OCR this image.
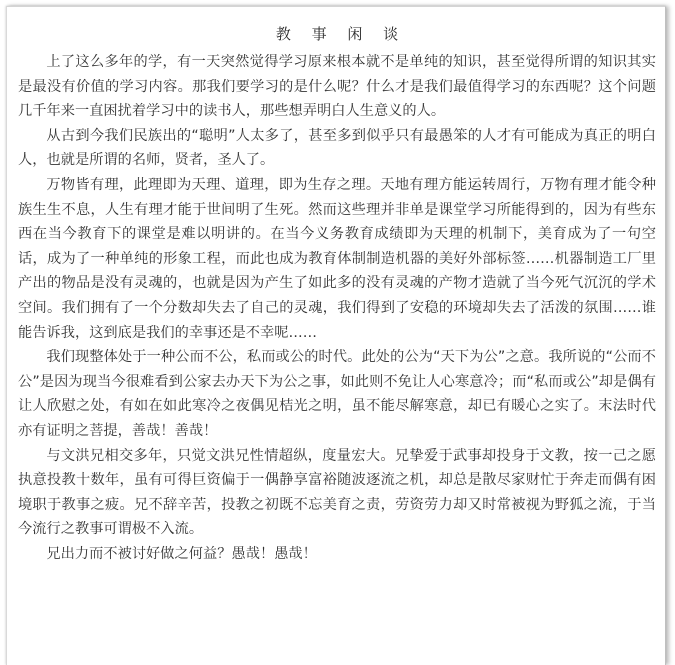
教 事 闲 谈

上了这么多年的学，有一天突然觉得学习原来根本就不是单纯的知识，甚至觉得所谓的知识其实是最没有价值的学习内容。那我们要学习的是什么呢？什么才是我们最值得学习的东西呢？这个问题几千年来一直困扰着学习中的读书人，那些想弄明白人生意义的人。

从古到今我们民族出的“聪明”人太多了，甚至多到似乎只有最愚笨的人才有可能成为真正的明白人，也就是所谓的名师，贤者，圣人了。

万物皆有理，此理即为天理、道理，即为生存之理。天地有理方能运转周行，万物有理才能令种族生生不息，人生有理才能于世间明了生死。然而这些理并非单是课堂学习所能得到的，因为有些东西在当今教育下的课堂是难以明讲的。在当今义务教育成绩即为天理的机制下，美育成为了一句空话，成为了一种单纯的形象工程，而此也成为教育体制制造机器的美好外部标签……机器制造工厂里产出的物品是没有灵魂的，也就是因为产生了如此多的没有灵魂的产物才造就了当今死气沉沉的学术空间。我们拥有了一个分数却失去了自己的灵魂，我们得到了安稳的环境却失去了活泼的氛围……谁能告诉我，这到底是我们的幸事还是不幸呢……

我们现整体处于一种公而不公，私而或公的时代。此处的公为“天下为公”之意。我所说的“公而不公”是因为现当今很难看到公家去办天下为公之事，如此则不免让人心寒意冷；而“私而或公”却是偶有让人欣慰之处，有如在如此寒冷之夜偶见桔光之明，虽不能尽解寒意，却已有暖心之实了。末法时代亦有证明之菩提，善哉！善哉！

与文洪兄相交多年，只觉文洪兄性情超纵，度量宏大。兄挚爱于武事却投身于文教，按一己之愿执意投教十数年，虽有可得巨资偏于一偶静享富裕随波逐流之机，却总是散尽家财忙于奔走而偶有困境职于教事之疲。兄不辞辛苦，投教之初既不忘美育之责，劳资劳力却又时常被视为野狐之流，于当今流行之教事可谓极不入流。

兄出力而不被讨好做之何益？愚哉！愚哉！
